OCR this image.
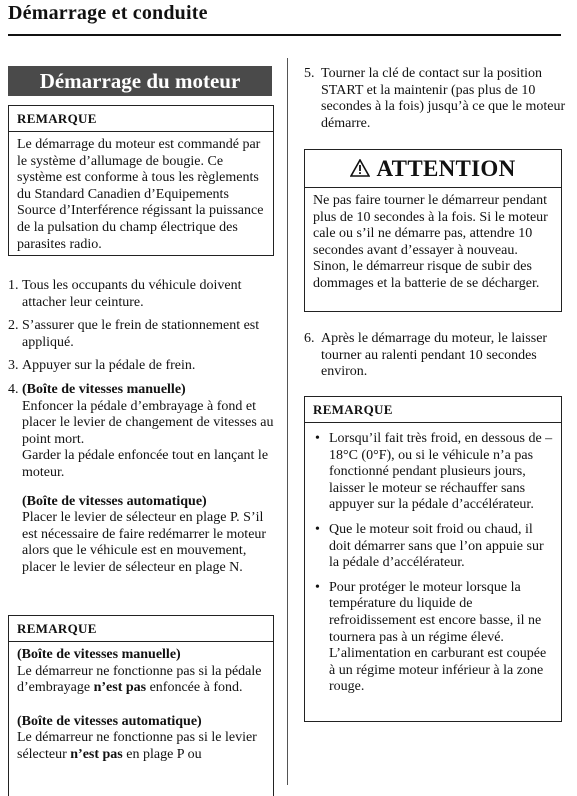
Démarrage et conduite
Démarrage du moteur
REMARQUE
Le démarrage du moteur est commandé par le système d’allumage de bougie. Ce système est conforme à tous les règlements du Standard Canadien d’Equipements Source d’Interférence régissant la puissance de la pulsation du champ électrique des parasites radio.
1. Tous les occupants du véhicule doivent attacher leur ceinture.
2. S’assurer que le frein de stationnement est appliqué.
3. Appuyer sur la pédale de frein.
4. (Boîte de vitesses manuelle)
Enfoncer la pédale d’embrayage à fond et placer le levier de changement de vitesses au point mort.
Garder la pédale enfoncée tout en lançant le moteur.
(Boîte de vitesses automatique)
Placer le levier de sélecteur en plage P. S’il est nécessaire de faire redémarrer le moteur alors que le véhicule est en mouvement, placer le levier de sélecteur en plage N.
REMARQUE
(Boîte de vitesses manuelle)
Le démarreur ne fonctionne pas si la pédale d’embrayage n’est pas enfoncée à fond.
(Boîte de vitesses automatique)
Le démarreur ne fonctionne pas si le levier sélecteur n’est pas en plage P ou
5. Tourner la clé de contact sur la position START et la maintenir (pas plus de 10 secondes à la fois) jusqu’à ce que le moteur démarre.
ATTENTION
Ne pas faire tourner le démarreur pendant plus de 10 secondes à la fois. Si le moteur cale ou s’il ne démarre pas, attendre 10 secondes avant d’essayer à nouveau. Sinon, le démarreur risque de subir des dommages et la batterie de se décharger.
6. Après le démarrage du moteur, le laisser tourner au ralenti pendant 10 secondes environ.
REMARQUE
• Lorsqu’il fait très froid, en dessous de –18°C (0°F), ou si le véhicule n’a pas fonctionné pendant plusieurs jours, laisser le moteur se réchauffer sans appuyer sur la pédale d’accélérateur.
• Que le moteur soit froid ou chaud, il doit démarrer sans que l’on appuie sur la pédale d’accélérateur.
• Pour protéger le moteur lorsque la température du liquide de refroidissement est encore basse, il ne tournera pas à un régime élevé. L’alimentation en carburant est coupée à un régime moteur inférieur à la zone rouge.
